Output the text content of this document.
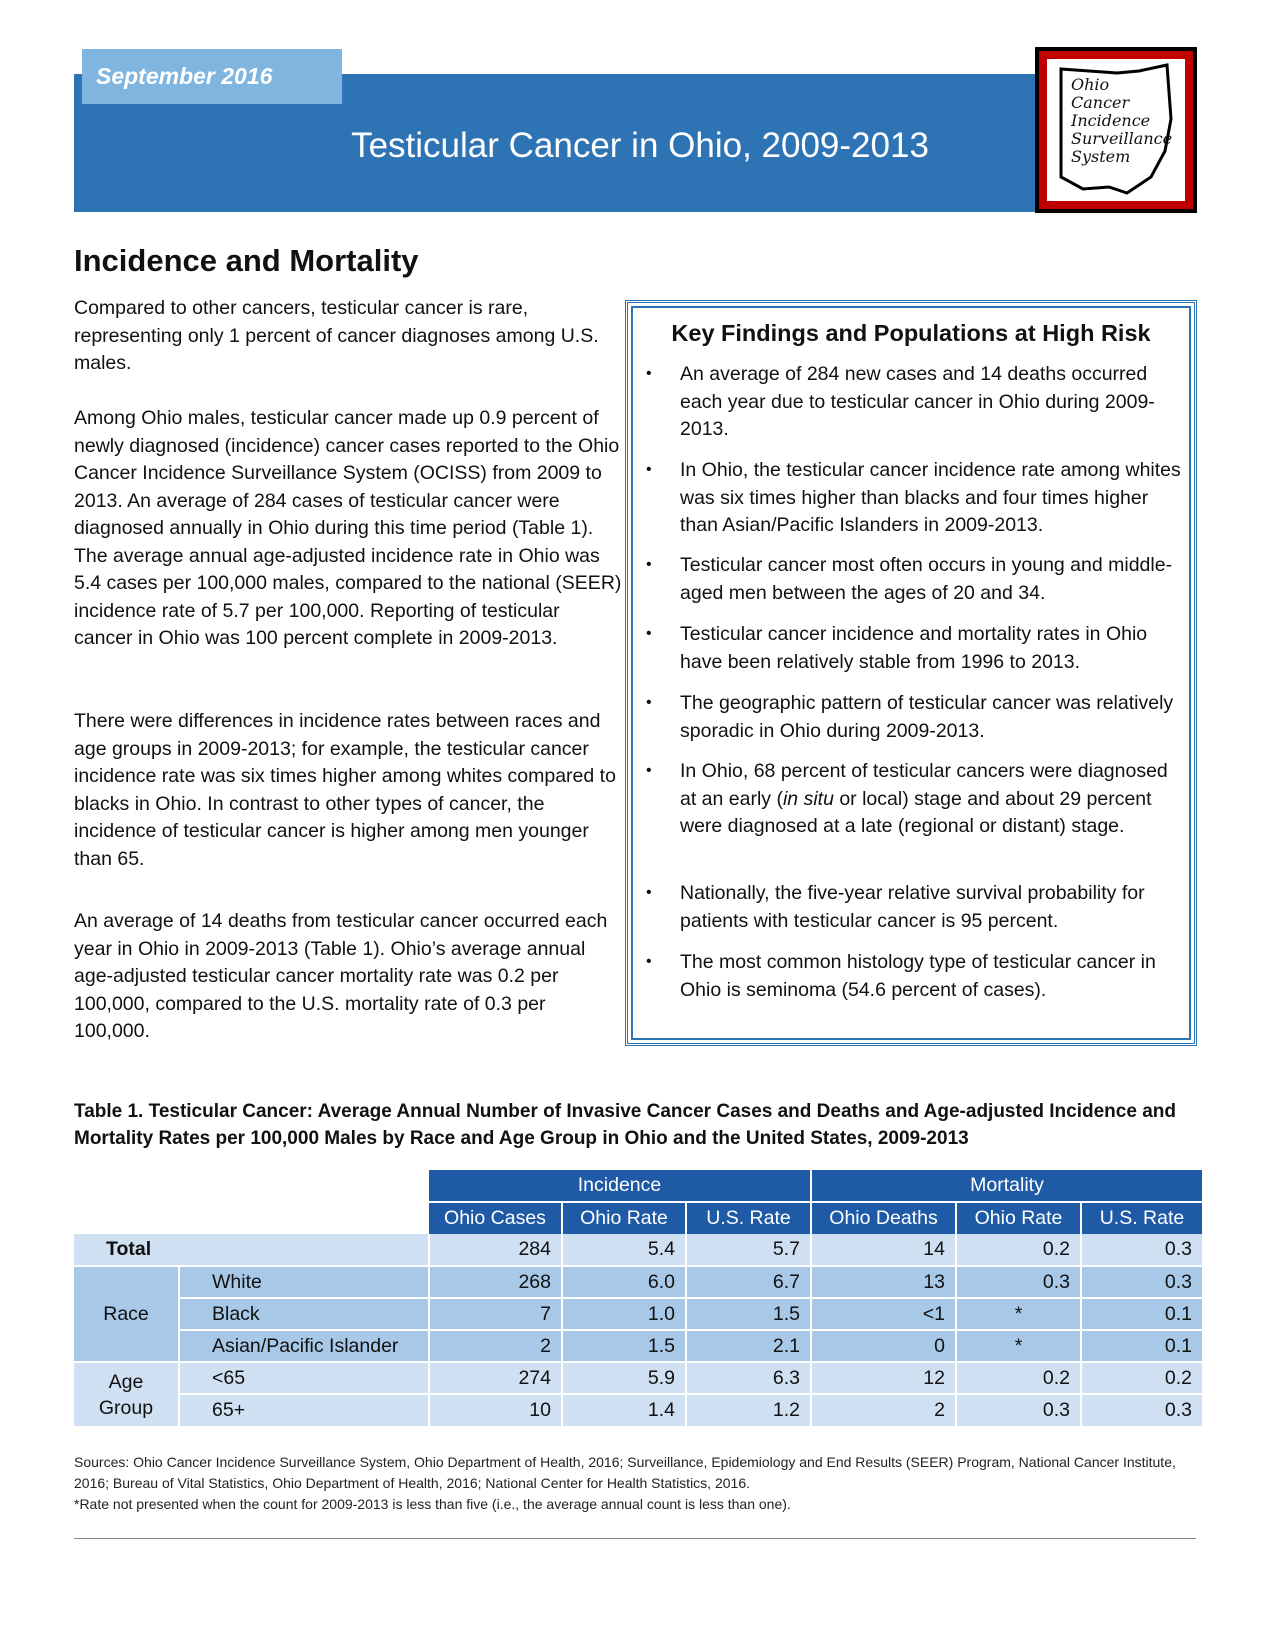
September 2016
Testicular Cancer in Ohio, 2009-2013
Ohio
Cancer
Incidence
Surveillance
System
Incidence and Mortality
Compared to other cancers, testicular cancer is rare, representing only 1 percent of cancer diagnoses among U.S. males.
Among Ohio males, testicular cancer made up 0.9 percent of newly diagnosed (incidence) cancer cases reported to the Ohio Cancer Incidence Surveillance System (OCISS) from 2009 to 2013. An average of 284 cases of testicular cancer were diagnosed annually in Ohio during this time period (Table 1). The average annual age-adjusted incidence rate in Ohio was 5.4 cases per 100,000 males, compared to the national (SEER) incidence rate of 5.7 per 100,000. Reporting of testicular cancer in Ohio was 100 percent complete in 2009-2013.
There were differences in incidence rates between races and age groups in 2009-2013; for example, the testicular cancer incidence rate was six times higher among whites compared to blacks in Ohio. In contrast to other types of cancer, the incidence of testicular cancer is higher among men younger than 65.
An average of 14 deaths from testicular cancer occurred each year in Ohio in 2009-2013 (Table 1). Ohio’s average annual age-adjusted testicular cancer mortality rate was 0.2 per 100,000, compared to the U.S. mortality rate of 0.3 per 100,000.
Key Findings and Populations at High Risk
• An average of 284 new cases and 14 deaths occurred each year due to testicular cancer in Ohio during 2009-2013.
• In Ohio, the testicular cancer incidence rate among whites was six times higher than blacks and four times higher than Asian/Pacific Islanders in 2009-2013.
• Testicular cancer most often occurs in young and middle-aged men between the ages of 20 and 34.
• Testicular cancer incidence and mortality rates in Ohio have been relatively stable from 1996 to 2013.
• The geographic pattern of testicular cancer was relatively sporadic in Ohio during 2009-2013.
• In Ohio, 68 percent of testicular cancers were diagnosed at an early (in situ or local) stage and about 29 percent were diagnosed at a late (regional or distant) stage.
• Nationally, the five-year relative survival probability for patients with testicular cancer is 95 percent.
• The most common histology type of testicular cancer in Ohio is seminoma (54.6 percent of cases).
Table 1. Testicular Cancer: Average Annual Number of Invasive Cancer Cases and Deaths and Age-adjusted Incidence and Mortality Rates per 100,000 Males by Race and Age Group in Ohio and the United States, 2009-2013
		Incidence			Mortality		
		Ohio Cases	Ohio Rate	U.S. Rate	Ohio Deaths	Ohio Rate	U.S. Rate
Total		284	5.4	5.7	14	0.2	0.3
Race	White	268	6.0	6.7	13	0.3	0.3
	Black	7	1.0	1.5	<1	*	0.1
	Asian/Pacific Islander	2	1.5	2.1	0	*	0.1
Age
Group	<65	274	5.9	6.3	12	0.2	0.2
	65+	10	1.4	1.2	2	0.3	0.3
Sources: Ohio Cancer Incidence Surveillance System, Ohio Department of Health, 2016; Surveillance, Epidemiology and End Results (SEER) Program, National Cancer Institute, 2016; Bureau of Vital Statistics, Ohio Department of Health, 2016; National Center for Health Statistics, 2016.
*Rate not presented when the count for 2009-2013 is less than five (i.e., the average annual count is less than one).
